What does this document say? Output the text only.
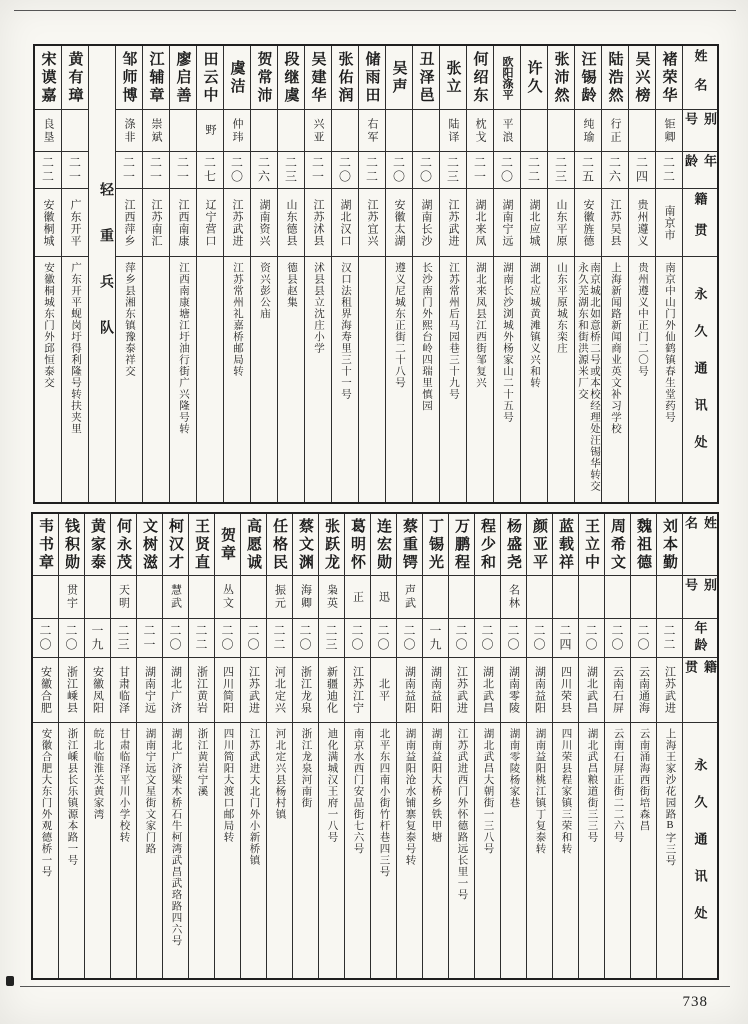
姓名
别号
年龄
籍贯
永久通讯处
褚荣华
钜卿
二二
南京市
南京中山门外仙鹤镇春生堂药号
吴兴榜
二四
贵州遵义
贵州遵义中正门二〇号
陆浩然
行正
二六
江苏吴县
上海新闻路新闻商业英文补习学校
汪锡龄
纯瑜
二五
安徽旌德
南京城北如意桥二号或本校经理处汪锡华转交永久芜湖东和街洪源米厂交
张沛然
二三
山东平原
山东平原城东栾庄
许久
二二
湖北应城
湖北应城黄滩镇义兴和转
欧阳涤平
平浪
二〇
湖南宁远
湖南长沙浏城外杨家山二十五号
何绍东
枕戈
二一
湖北来凤
湖北来凤县江西街邹复兴
张立
陆译
二三
江苏武进
江苏常州后马园巷三十九号
丑泽邑
二〇
湖南长沙
长沙南门外熙台岭四瑞里慎园
吴声
二〇
安徽太湖
遵义尼城东正街二十八号
储雨田
右军
二二
江苏宜兴
张佑润
二〇
湖北汉口
汉口法租界海寿里三十一号
吴建华
兴亚
二一
江苏沭县
沭县县立沈庄小学
段继虞
二三
山东德县
德县赵集
贺常沛
二六
湖南资兴
资兴彭公庙
虞洁
仲玮
二〇
江苏武进
江苏常州礼嘉桥邮局转
田云中
野
二七
辽宁营口
廖启善
二一
江西南康
江西南康塘江圩油行街广兴隆号转
江辅章
崇斌
二一
江苏南汇
邹师博
涤非
二一
江西萍乡
萍乡县湘东镇豫泰祥交
轻重兵队
黄有璋
二一
广东开平
广东开平蚬岗圩得利隆号转扶夹里
宋谟嘉
良垦
二二
安徽桐城
安徽桐城东门外邱恒泰交
姓名
别号
年龄
籍贯
永久通讯处
刘本勤
二二
江苏武进
上海王家沙花园路B字三号
魏祖德
二〇
云南通海
云南涌海西街培森昌
周希文
二〇
云南石屏
云南石屏正街二二六号
王立中
二〇
湖北武昌
湖北武昌粮道街三三号
蓝载祥
二四
四川荣县
四川荣县程家镇三荣和转
颜亚平
二〇
湖南益阳
湖南益阳桃江镇丁复泰转
杨盛尧
名林
二〇
湖南零陵
湖南零陵杨家巷
程少和
二〇
湖北武昌
湖北武昌大朝街一三八号
万鹏程
二〇
江苏武进
江苏武进西门外怀德路远长里一号
丁锡光
一九
湖南益阳
湖南益阳大桥乡铁甲塘
蔡重锷
声武
二〇
湖南益阳
湖南益阳沧水铺寨复泰号转
连宏勋
迅
二〇
北平
北平东四南小街竹杆巷四三号
葛明怀
正
二〇
江苏江宁
南京水西门安品街七六号
张跃龙
枭英
二三
新疆迪化
迪化满城汉王府一八号
蔡文渊
海卿
二〇
浙江龙泉
浙江龙泉河南街
任格民
振元
二二
河北定兴
河北定兴县杨村镇
高愿诚
二〇
江苏武进
江苏武进大北门外小新桥镇
贺章
丛文
二〇
四川简阳
四川简阳大渡口邮局转
王贤直
二二
浙江黄岩
浙江黄岩宁溪
柯汉才
慧武
二〇
湖北广济
湖北广济梁木桥石牛柯湾武昌武珞路四六号
文树滋
二一
湖南宁远
湖南宁远文星街文家门路
何永茂
天明
二三
甘肃临泽
甘肃临泽平川小学校转
黄家泰
一九
安徽凤阳
皖北临淮关黄家湾
钱积勋
贯宇
二〇
浙江嵊县
浙江嵊县长乐镇源本路一号
韦书章
二〇
安徽合肥
安徽合肥大东门外观德桥一号
738
